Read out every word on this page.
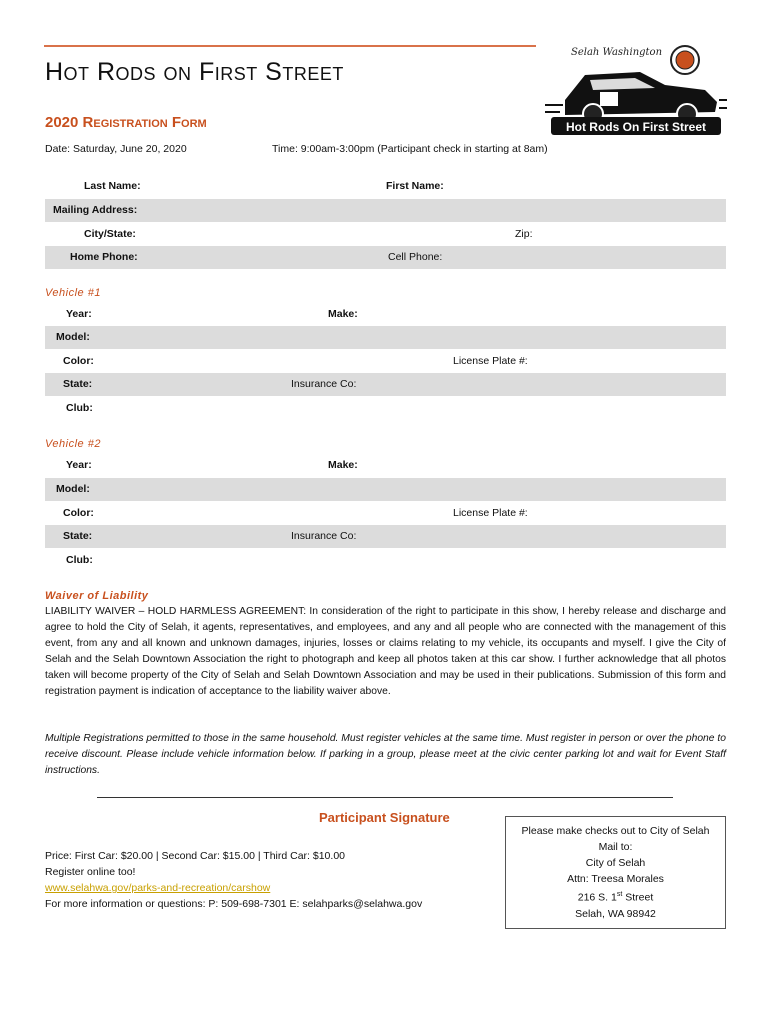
Hot Rods on First Street
2020 Registration Form
Date: Saturday, June 20, 2020	Time: 9:00am-3:00pm (Participant check in starting at 8am)
Selah Washington
Hot Rods On First Street
Last Name:	First Name:
Mailing Address:
City/State:	Zip:
Home Phone:	Cell Phone:
Vehicle #1
Year:	Make:
Model:
Color:	License Plate #:
State:	Insurance Co:
Club:
Vehicle #2
Year:	Make:
Model:
Color:	License Plate #:
State:	Insurance Co:
Club:
Waiver of Liability
LIABILITY WAIVER – HOLD HARMLESS AGREEMENT: In consideration of the right to participate in this show, I hereby release and discharge and agree to hold the City of Selah, it agents, representatives, and employees, and any and all people who are connected with the management of this event, from any and all known and unknown damages, injuries, losses or claims relating to my vehicle, its occupants and myself. I give the City of Selah and the Selah Downtown Association the right to photograph and keep all photos taken at this car show. I further acknowledge that all photos taken will become property of the City of Selah and Selah Downtown Association and may be used in their publications. Submission of this form and registration payment is indication of acceptance to the liability waiver above.
Multiple Registrations permitted to those in the same household. Must register vehicles at the same time. Must register in person or over the phone to receive discount. Please include vehicle information below. If parking in a group, please meet at the civic center parking lot and wait for Event Staff instructions.
Participant Signature
Price: First Car: $20.00 | Second Car: $15.00 | Third Car: $10.00
Register online too!
www.selahwa.gov/parks-and-recreation/carshow
For more information or questions: P: 509-698-7301 E: selahparks@selahwa.gov
Please make checks out to City of Selah
Mail to:
City of Selah
Attn: Treesa Morales
216 S. 1st Street
Selah, WA 98942
